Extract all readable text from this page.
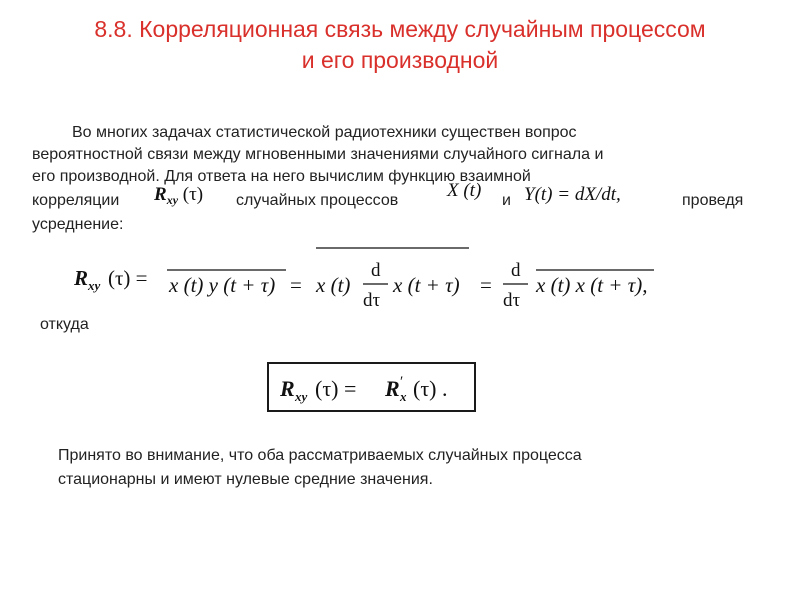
8.8. Корреляционная связь между случайным процессом
и его производной
Во многих задачах статистической радиотехники существен вопрос
вероятностной связи между мгновенными значениями случайного сигнала и
его производной. Для ответа на него вычислим функцию взаимной
корреляции $R_{xy}$ (τ) случайных процессов	X (t) и Y(t) = dX/dt,	проведя
усреднение:
R xy (τ) = x (t) y (t + τ) = x (t)
d
dτ
x (t + τ) =
d
dτ
x (t) x (t + τ),
откуда
R xy (τ) = R ′
x (τ) .
Принято во внимание, что оба рассматриваемых случайных процесса
стационарны и имеют нулевые средние значения.
